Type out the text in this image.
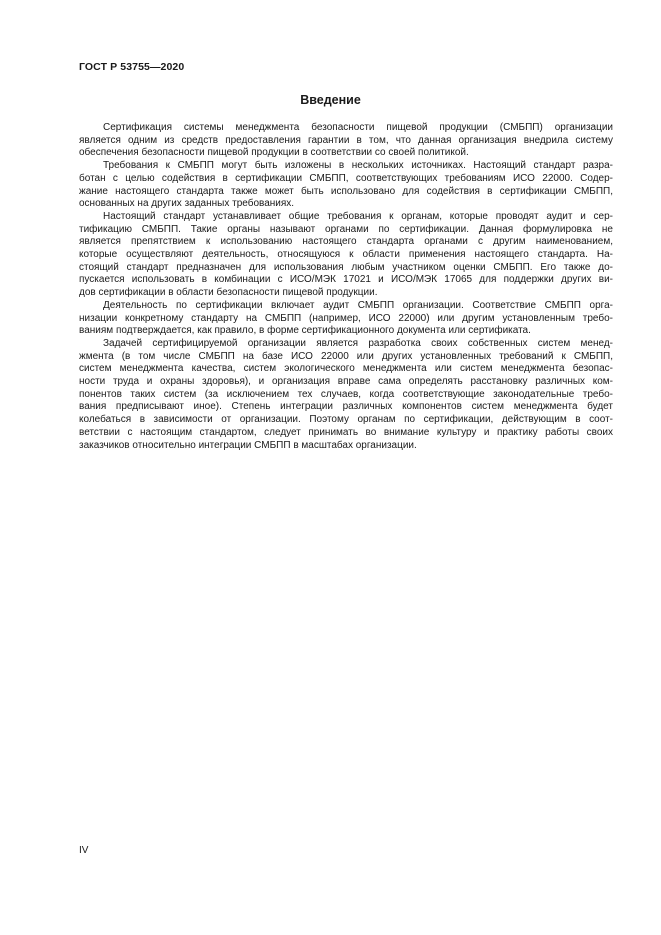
ГОСТ Р 53755—2020
Введение

Сертификация системы менеджмента безопасности пищевой продукции (СМБПП) организации
является одним из средств предоставления гарантии в том, что данная организация внедрила систему
обеспечения безопасности пищевой продукции в соответствии со своей политикой.

Требования к СМБПП могут быть изложены в нескольких источниках. Настоящий стандарт разра-
ботан с целью содействия в сертификации СМБПП, соответствующих требованиям ИСО 22000. Содер-
жание настоящего стандарта также может быть использовано для содействия в сертификации СМБПП,
основанных на других заданных требованиях.

Настоящий стандарт устанавливает общие требования к органам, которые проводят аудит и сер-
тификацию СМБПП. Такие органы называют органами по сертификации. Данная формулировка не
является препятствием к использованию настоящего стандарта органами с другим наименованием,
которые осуществляют деятельность, относящуюся к области применения настоящего стандарта. На-
стоящий стандарт предназначен для использования любым участником оценки СМБПП. Его также до-
пускается использовать в комбинации с ИСО/МЭК 17021 и ИСО/МЭК 17065 для поддержки других ви-
дов сертификации в области безопасности пищевой продукции.

Деятельность по сертификации включает аудит СМБПП организации. Соответствие СМБПП орга-
низации конкретному стандарту на СМБПП (например, ИСО 22000) или другим установленным требо-
ваниям подтверждается, как правило, в форме сертификационного документа или сертификата.

Задачей сертифицируемой организации является разработка своих собственных систем менед-
жмента (в том числе СМБПП на базе ИСО 22000 или других установленных требований к СМБПП,
систем менеджмента качества, систем экологического менеджмента или систем менеджмента безопас-
ности труда и охраны здоровья), и организация вправе сама определять расстановку различных ком-
понентов таких систем (за исключением тех случаев, когда соответствующие законодательные требо-
вания предписывают иное). Степень интеграции различных компонентов систем менеджмента будет
колебаться в зависимости от организации. Поэтому органам по сертификации, действующим в соот-
ветствии с настоящим стандартом, следует принимать во внимание культуру и практику работы своих
заказчиков относительно интеграции СМБПП в масштабах организации.

IV
